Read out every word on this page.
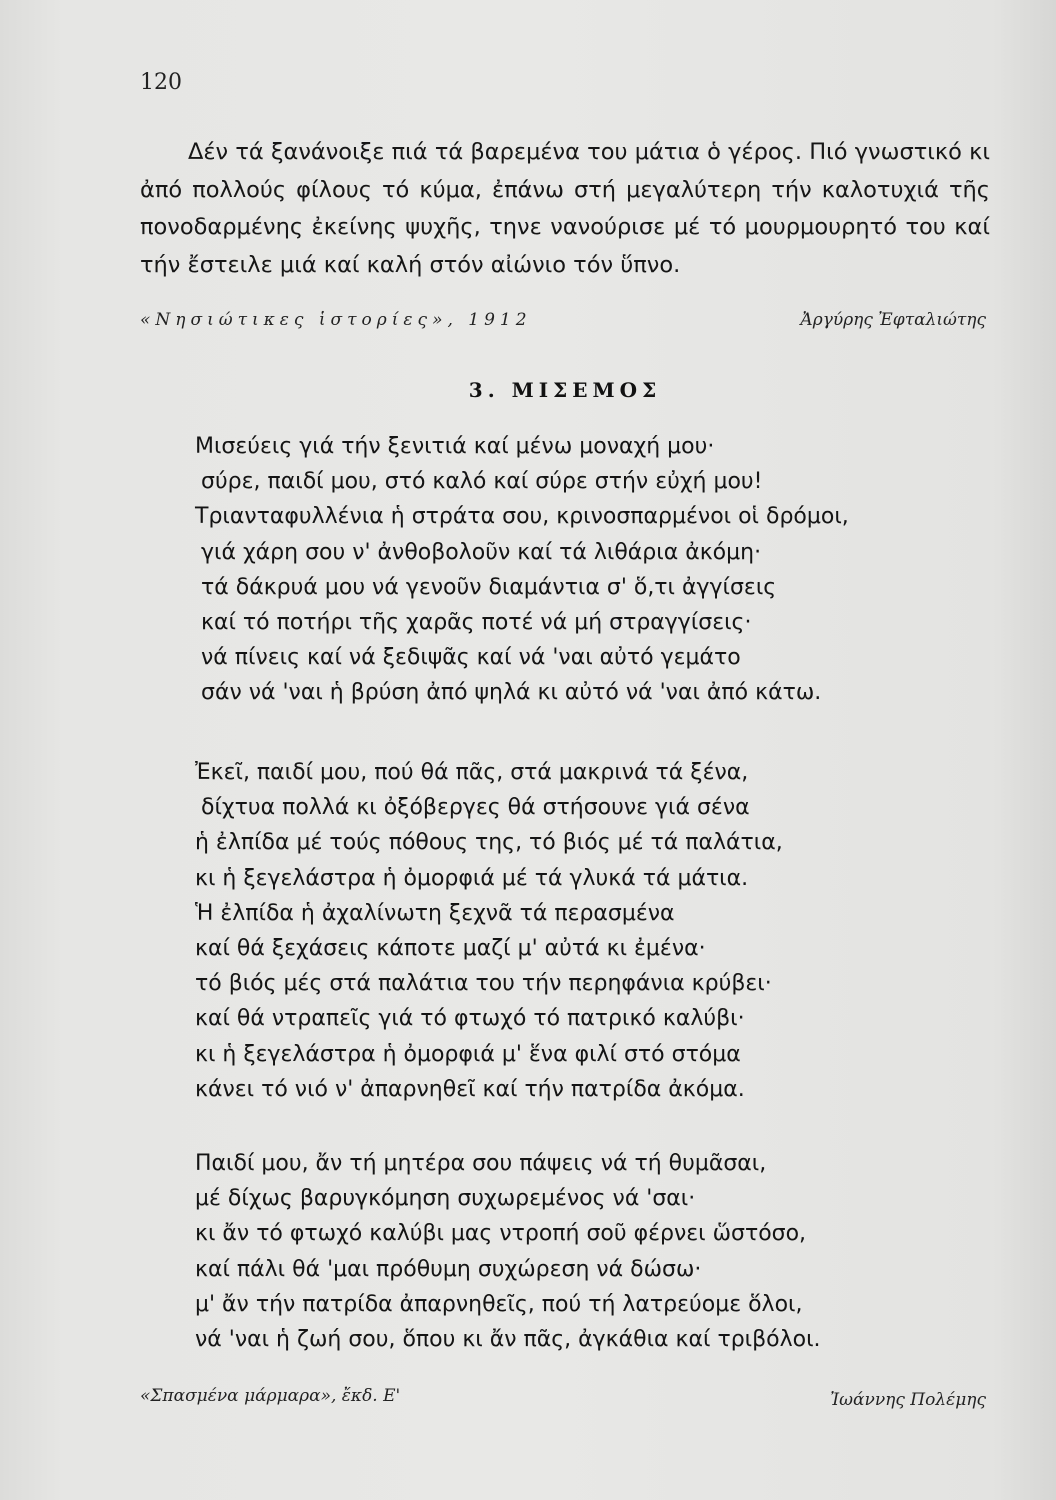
120

Δέν τά ξανάνοιξε πιά τά βαρεμένα του μάτια ὁ γέρος. Πιό γνωστικό κι ἀπό πολλούς φίλους τό κύμα, ἐπάνω στή μεγαλύτερη τήν καλοτυχιά τῆς πονοδαρμένης ἐκείνης ψυχῆς, τηνε νανούρισε μέ τό μουρμουρητό του καί τήν ἔστειλε μιά καί καλή στόν αἰώνιο τόν ὕπνο.

«Νησιώτικες ἱστορίες», 1912	Ἀργύρης Ἐφταλιώτης
3. ΜΙΣΕΜΟΣ
Μισεύεις γιά τήν ξενιτιά καί μένω μοναχή μου·
σύρε, παιδί μου, στό καλό καί σύρε στήν εὐχή μου!
Τριανταφυλλένια ἡ στράτα σου, κρινοσπαρμένοι οἱ δρόμοι,
γιά χάρη σου ν' ἀνθοβολοῦν καί τά λιθάρια ἀκόμη·
τά δάκρυά μου νά γενοῦν διαμάντια σ' ὅ,τι ἀγγίσεις
καί τό ποτήρι τῆς χαρᾶς ποτέ νά μή στραγγίσεις·
νά πίνεις καί νά ξεδιψᾶς καί νά 'ναι αὐτό γεμάτο
σάν νά 'ναι ἡ βρύση ἀπό ψηλά κι αὐτό νά 'ναι ἀπό κάτω.
Ἐκεῖ, παιδί μου, πού θά πᾶς, στά μακρινά τά ξένα,
δίχτυα πολλά κι ὀξόβεργες θά στήσουνε γιά σένα
ἡ ἐλπίδα μέ τούς πόθους της, τό βιός μέ τά παλάτια,
κι ἡ ξεγελάστρα ἡ ὀμορφιά μέ τά γλυκά τά μάτια.
Ἡ ἐλπίδα ἡ ἀχαλίνωτη ξεχνᾶ τά περασμένα
καί θά ξεχάσεις κάποτε μαζί μ' αὐτά κι ἐμένα·
τό βιός μές στά παλάτια του τήν περηφάνια κρύβει·
καί θά ντραπεῖς γιά τό φτωχό τό πατρικό καλύβι·
κι ἡ ξεγελάστρα ἡ ὀμορφιά μ' ἕνα φιλί στό στόμα
κάνει τό νιό ν' ἀπαρνηθεῖ καί τήν πατρίδα ἀκόμα.
Παιδί μου, ἄν τή μητέρα σου πάψεις νά τή θυμᾶσαι,
μέ δίχως βαρυγκόμηση συχωρεμένος νά 'σαι·
κι ἄν τό φτωχό καλύβι μας ντροπή σοῦ φέρνει ὥστόσο,
καί πάλι θά 'μαι πρόθυμη συχώρεση νά δώσω·
μ' ἄν τήν πατρίδα ἀπαρνηθεῖς, πού τή λατρεύομε ὅλοι,
νά 'ναι ἡ ζωή σου, ὅπου κι ἄν πᾶς, ἀγκάθια καί τριβόλοι.
«Σπασμένα μάρμαρα», ἔκδ. Ε'	Ἰωάννης Πολέμης
